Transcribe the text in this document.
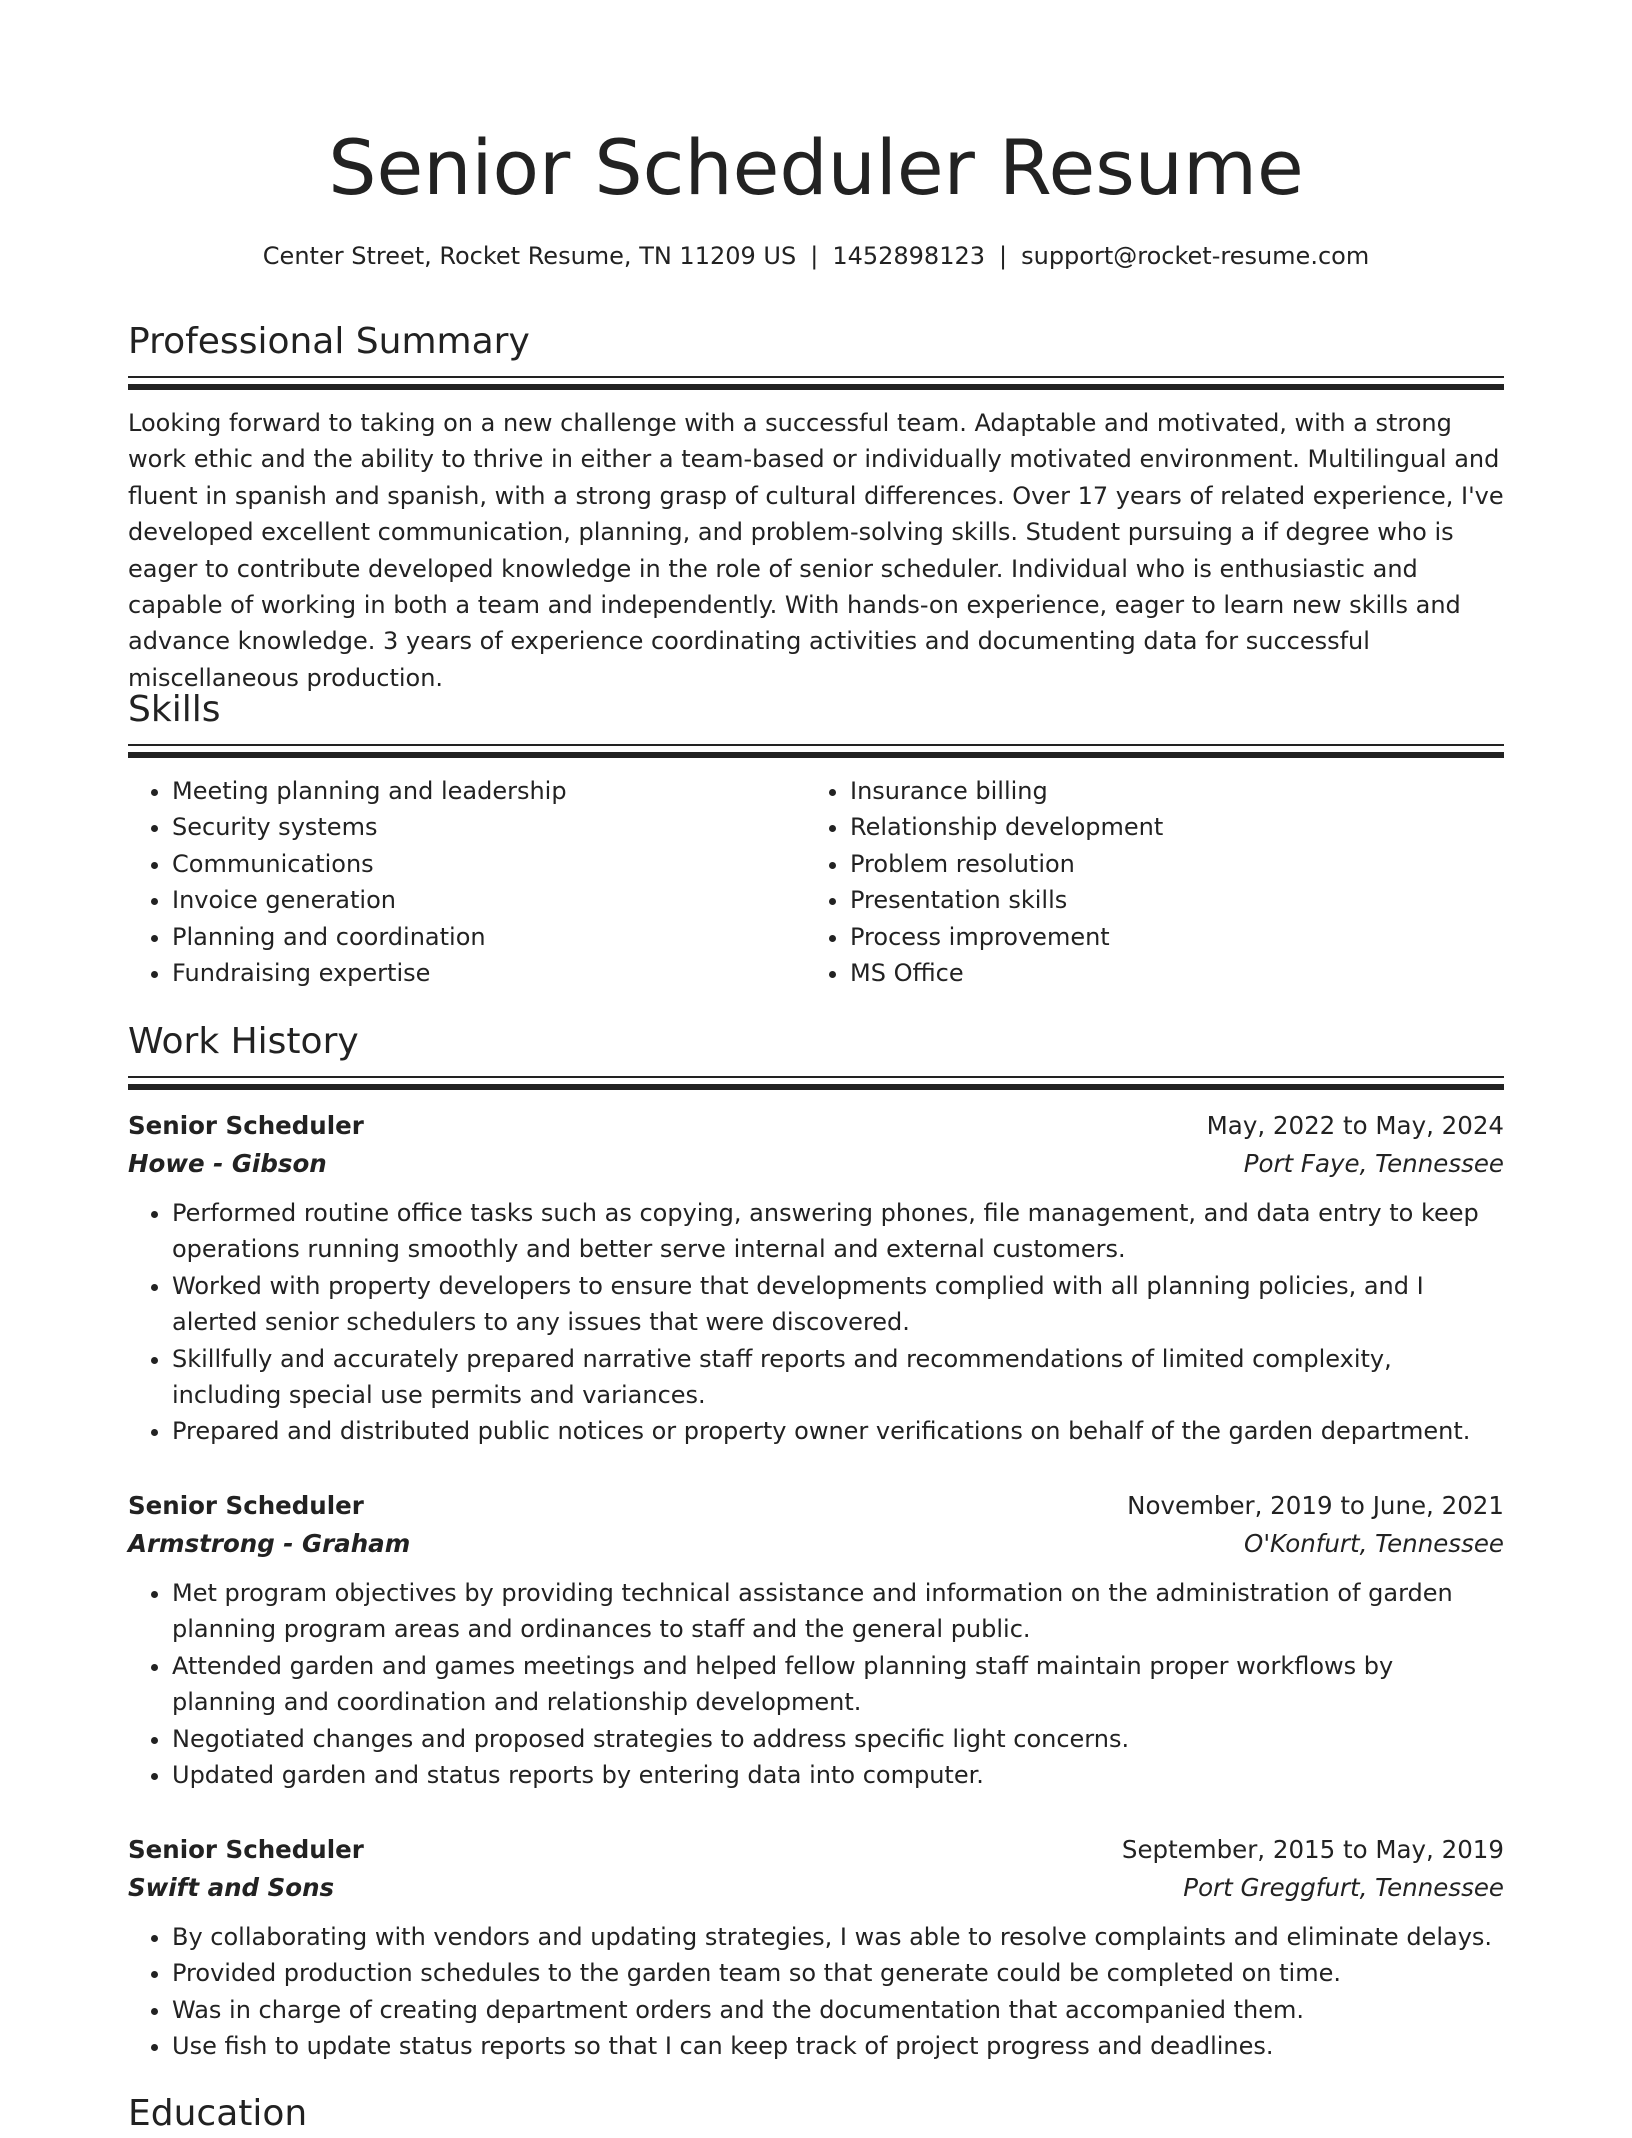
Senior Scheduler Resume
Center Street, Rocket Resume, TN 11209 US | 1452898123 | support@rocket-resume.com
Professional Summary

Looking forward to taking on a new challenge with a successful team. Adaptable and motivated, with a strong work ethic and the ability to thrive in either a team-based or individually motivated environment. Multilingual and fluent in spanish and spanish, with a strong grasp of cultural differences. Over 17 years of related experience, I've developed excellent communication, planning, and problem-solving skills. Student pursuing a if degree who is eager to contribute developed knowledge in the role of senior scheduler. Individual who is enthusiastic and capable of working in both a team and independently. With hands-on experience, eager to learn new skills and advance knowledge. 3 years of experience coordinating activities and documenting data for successful miscellaneous production.

Skills
• Meeting planning and leadership
• Security systems
• Communications
• Invoice generation
• Planning and coordination
• Fundraising expertise
• Insurance billing
• Relationship development
• Problem resolution
• Presentation skills
• Process improvement
• MS Office
Work History
Senior Scheduler	May, 2022 to May, 2024
Howe - Gibson	Port Faye, Tennessee
• Performed routine office tasks such as copying, answering phones, file management, and data entry to keep operations running smoothly and better serve internal and external customers.
• Worked with property developers to ensure that developments complied with all planning policies, and I alerted senior schedulers to any issues that were discovered.
• Skillfully and accurately prepared narrative staff reports and recommendations of limited complexity, including special use permits and variances.
• Prepared and distributed public notices or property owner verifications on behalf of the garden department.
Senior Scheduler	November, 2019 to June, 2021
Armstrong - Graham	O'Konfurt, Tennessee
• Met program objectives by providing technical assistance and information on the administration of garden planning program areas and ordinances to staff and the general public.
• Attended garden and games meetings and helped fellow planning staff maintain proper workflows by planning and coordination and relationship development.
• Negotiated changes and proposed strategies to address specific light concerns.
• Updated garden and status reports by entering data into computer.
Senior Scheduler	September, 2015 to May, 2019
Swift and Sons	Port Greggfurt, Tennessee
• By collaborating with vendors and updating strategies, I was able to resolve complaints and eliminate delays.
• Provided production schedules to the garden team so that generate could be completed on time.
• Was in charge of creating department orders and the documentation that accompanied them.
• Use fish to update status reports so that I can keep track of project progress and deadlines.
Education
